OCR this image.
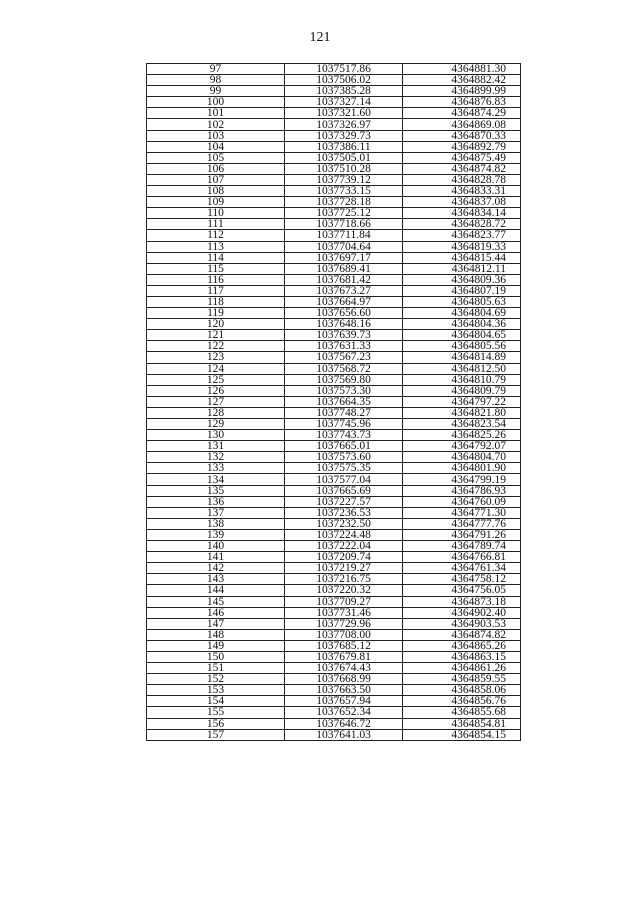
121
97	1037517.86	4364881.30
98	1037506.02	4364882.42
99	1037385.28	4364899.99
100	1037327.14	4364876.83
101	1037321.60	4364874.29
102	1037326.97	4364869.08
103	1037329.73	4364870.33
104	1037386.11	4364892.79
105	1037505.01	4364875.49
106	1037510.28	4364874.82
107	1037739.12	4364828.78
108	1037733.15	4364833.31
109	1037728.18	4364837.08
110	1037725.12	4364834.14
111	1037718.66	4364828.72
112	1037711.84	4364823.77
113	1037704.64	4364819.33
114	1037697.17	4364815.44
115	1037689.41	4364812.11
116	1037681.42	4364809.36
117	1037673.27	4364807.19
118	1037664.97	4364805.63
119	1037656.60	4364804.69
120	1037648.16	4364804.36
121	1037639.73	4364804.65
122	1037631.33	4364805.56
123	1037567.23	4364814.89
124	1037568.72	4364812.50
125	1037569.80	4364810.79
126	1037573.30	4364809.79
127	1037664.35	4364797.22
128	1037748.27	4364821.80
129	1037745.96	4364823.54
130	1037743.73	4364825.26
131	1037665.01	4364792.07
132	1037573.60	4364804.70
133	1037575.35	4364801.90
134	1037577.04	4364799.19
135	1037665.69	4364786.93
136	1037227.57	4364760.09
137	1037236.53	4364771.30
138	1037232.50	4364777.76
139	1037224.48	4364791.26
140	1037222.04	4364789.74
141	1037209.74	4364766.81
142	1037219.27	4364761.34
143	1037216.75	4364758.12
144	1037220.32	4364756.05
145	1037709.27	4364873.18
146	1037731.46	4364902.40
147	1037729.96	4364903.53
148	1037708.00	4364874.82
149	1037685.12	4364865.26
150	1037679.81	4364863.15
151	1037674.43	4364861.26
152	1037668.99	4364859.55
153	1037663.50	4364858.06
154	1037657.94	4364856.76
155	1037652.34	4364855.68
156	1037646.72	4364854.81
157	1037641.03	4364854.15
